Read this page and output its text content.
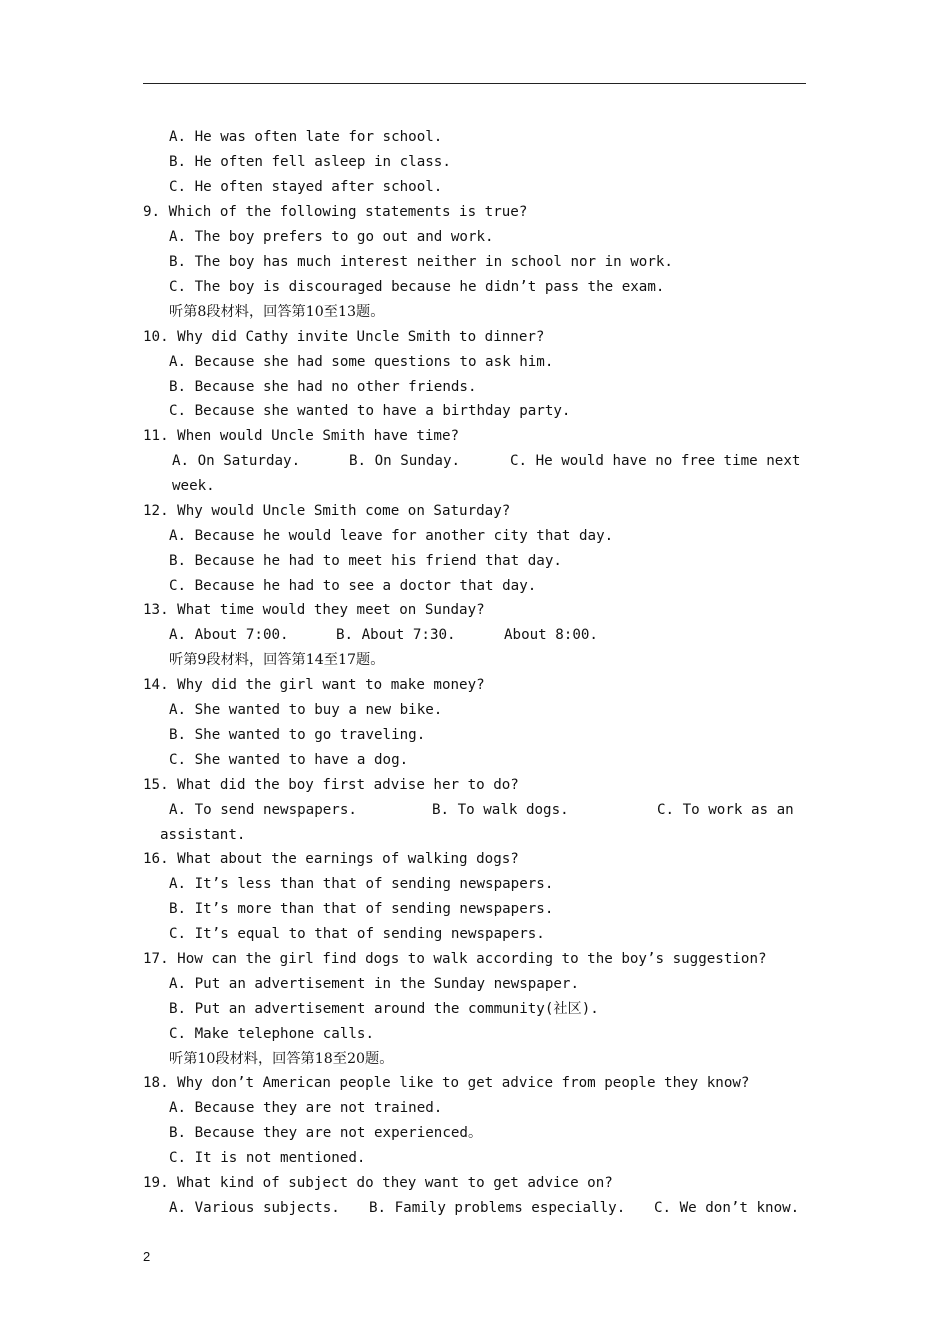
A. He was often late for school.
B. He often fell asleep in class.
C. He often stayed after school.
9. Which of the following statements is true?
A. The boy prefers to go out and work.
B. The boy has much interest neither in school nor in work.
C. The boy is discouraged because he didn’t pass the exam.
听第8段材料，回答第10至13题。
10. Why did Cathy invite Uncle Smith to dinner?
A. Because she had some questions to ask him.
B. Because she had no other friends.
C. Because she wanted to have a birthday party.
11. When would Uncle Smith have time?
A. On Saturday.	B. On Sunday.	C. He would have no free time next
week.
12. Why would Uncle Smith come on Saturday?
A. Because he would leave for another city that day.
B. Because he had to meet his friend that day.
C. Because he had to see a doctor that day.
13. What time would they meet on Sunday?
A. About 7:00.	B. About 7:30.	About 8:00.
听第9段材料，回答第14至17题。
14. Why did the girl want to make money?
A. She wanted to buy a new bike.
B. She wanted to go traveling.
C. She wanted to have a dog.
15. What did the boy first advise her to do?
A. To send newspapers.	B. To walk dogs.	C. To work as an
assistant.
16. What about the earnings of walking dogs?
A. It’s less than that of sending newspapers.
B. It’s more than that of sending newspapers.
C. It’s equal to that of sending newspapers.
17. How can the girl find dogs to walk according to the boy’s suggestion?
A. Put an advertisement in the Sunday newspaper.
B. Put an advertisement around the community(社区).
C. Make telephone calls.
听第10段材料，回答第18至20题。
18. Why don’t American people like to get advice from people they know?
A. Because they are not trained.
B. Because they are not experienced。
C. It is not mentioned.
19. What kind of subject do they want to get advice on?
A. Various subjects. B. Family problems especially. C. We don’t know.
2
